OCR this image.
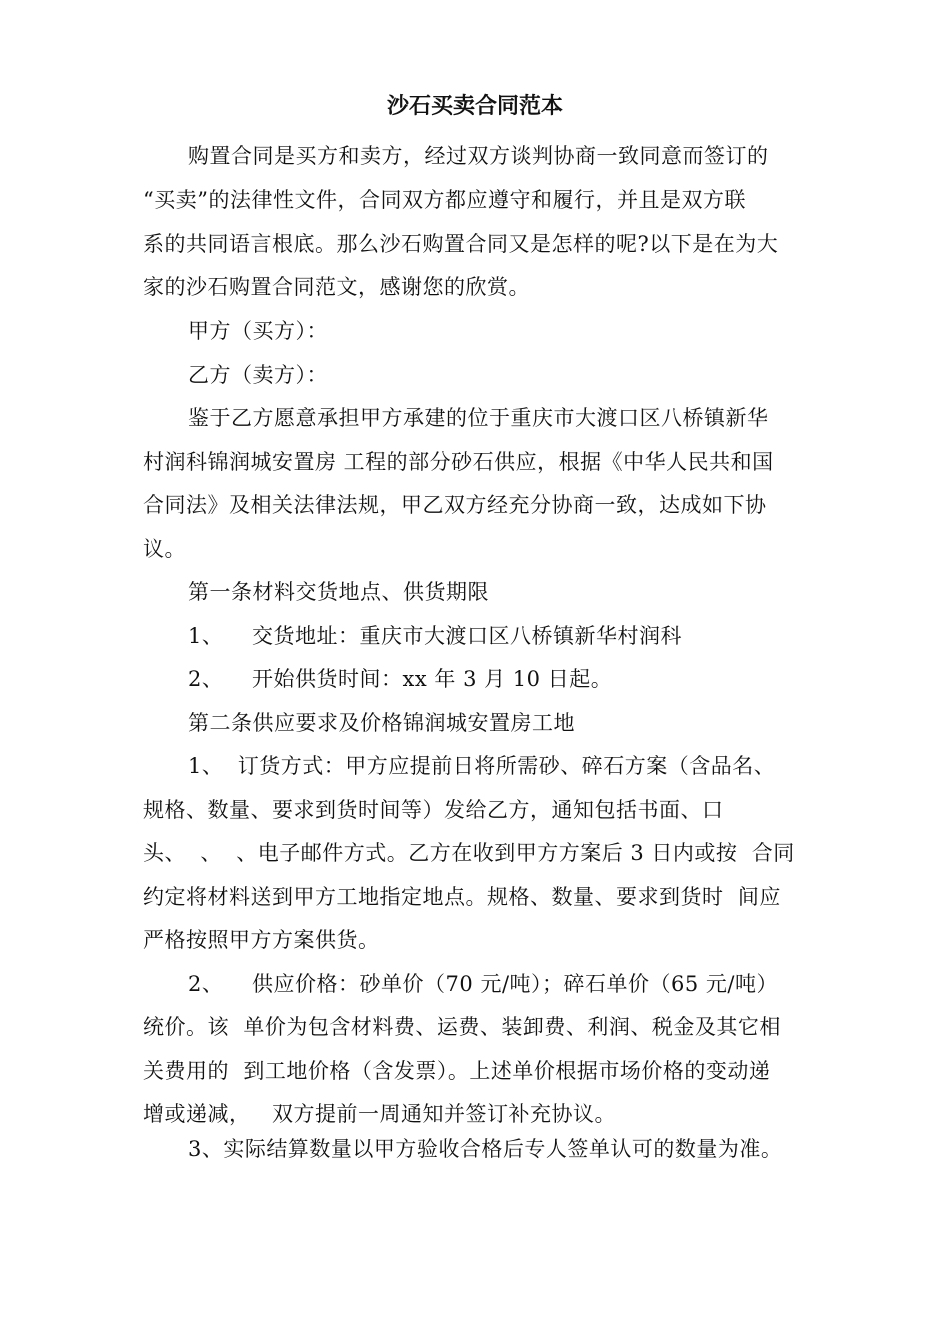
沙石买卖合同范本
购置合同是买方和卖方，经过双方谈判协商一致同意而签订的
“买卖”的法律性文件，合同双方都应遵守和履行，并且是双方联
系的共同语言根底。那么沙石购置合同又是怎样的呢?以下是在为大
家的沙石购置合同范文，感谢您的欣赏。
甲方（买方）：
乙方（卖方）：
鉴于乙方愿意承担甲方承建的位于重庆市大渡口区八桥镇新华
村润科锦润城安置房 工程的部分砂石供应，根据《中华人民共和国
合同法》及相关法律法规，甲乙双方经充分协商一致，达成如下协
议。
第一条材料交货地点、供货期限
1、    交货地址：重庆市大渡口区八桥镇新华村润科
2、    开始供货时间：xx 年 3 月 10 日起。
第二条供应要求及价格锦润城安置房工地
1、  订货方式：甲方应提前日将所需砂、碎石方案（含品名、
规格、数量、要求到货时间等）发给乙方，通知包括书面、口
头、  、  、电子邮件方式。乙方在收到甲方方案后 3 日内或按  合同
约定将材料送到甲方工地指定地点。规格、数量、要求到货时  间应
严格按照甲方方案供货。
2、    供应价格：砂单价（70 元/吨）；碎石单价（65 元/吨）
统价。该  单价为包含材料费、运费、装卸费、利润、税金及其它相
关费用的  到工地价格（含发票）。上述单价根据市场价格的变动递
增或递减，   双方提前一周通知并签订补充协议。
3、实际结算数量以甲方验收合格后专人签单认可的数量为准。
